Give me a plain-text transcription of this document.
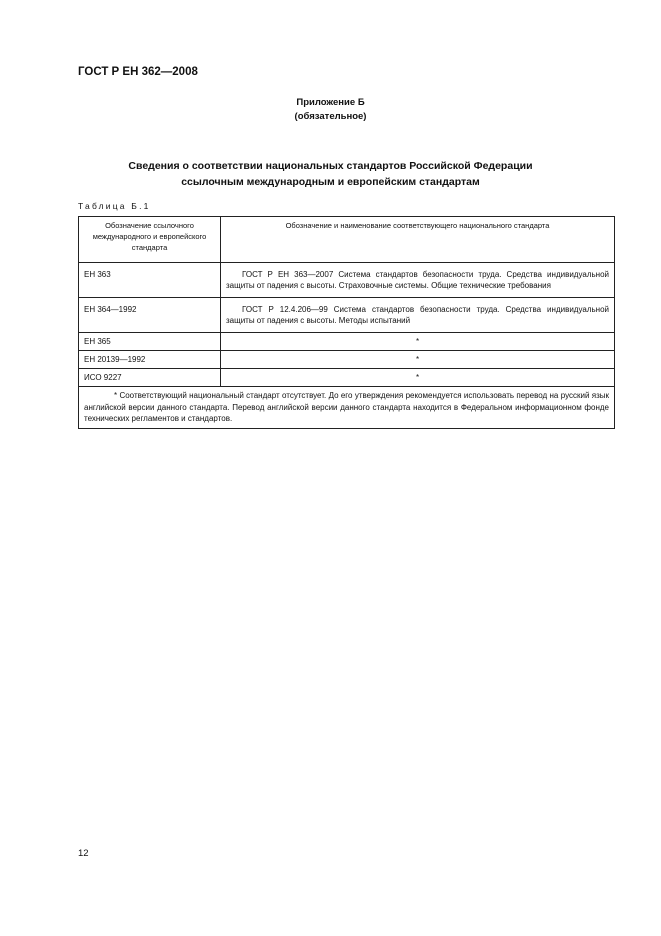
ГОСТ Р ЕН 362—2008
Приложение Б
(обязательное)
Сведения о соответствии национальных стандартов Российской Федерации
ссылочным международным и европейским стандартам
Таблица Б.1
Обозначение ссылочного международного и европейского стандарта	Обозначение и наименование соответствующего национального стандарта
ЕН 363	ГОСТ Р ЕН 363—2007 Система стандартов безопасности труда. Средства индивидуальной защиты от падения с высоты. Страховочные системы. Общие технические требования
ЕН 364—1992	ГОСТ Р 12.4.206—99 Система стандартов безопасности труда. Средства индивидуальной защиты от падения с высоты. Методы испытаний
ЕН 365	*
ЕН 20139—1992	*
ИСО 9227	*
* Соответствующий национальный стандарт отсутствует. До его утверждения рекомендуется использовать перевод на русский язык английской версии данного стандарта. Перевод английской версии данного стандарта находится в Федеральном информационном фонде технических регламентов и стандартов.	
12
